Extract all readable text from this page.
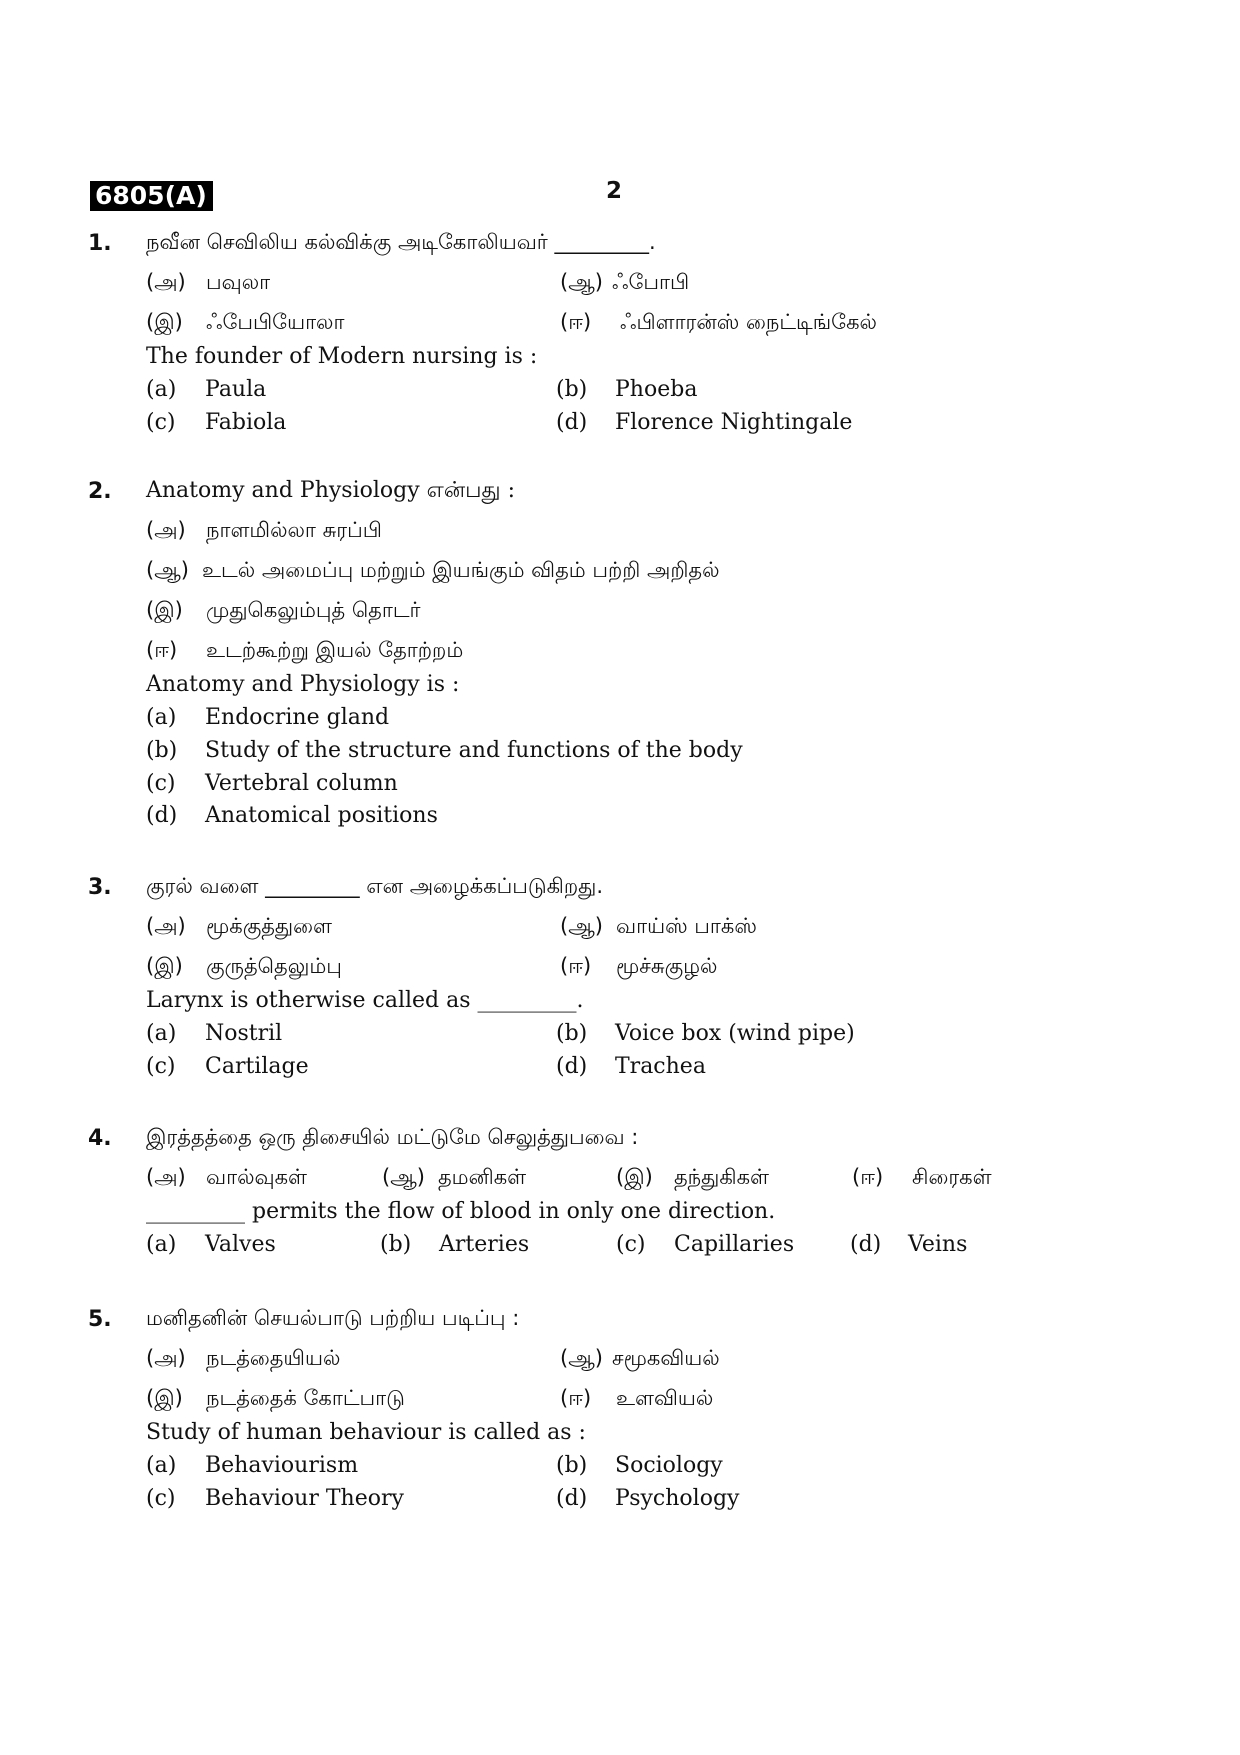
6805(A)	2
1. நவீன செவிலிய கல்விக்கு அடிகோலியவர் _________.
(அ) பவுலா	(ஆ) ஃபோபி
(இ) ஃபேபியோலா	(ஈ) ஃபிளாரன்ஸ் நைட்டிங்கேல்
The founder of Modern nursing is :
(a) Paula	(b) Phoeba
(c) Fabiola	(d) Florence Nightingale
2. Anatomy and Physiology என்பது :
(அ) நாளமில்லா சுரப்பி
(ஆ) உடல் அமைப்பு மற்றும் இயங்கும் விதம் பற்றி அறிதல்
(இ) முதுகெலும்புத் தொடர்
(ஈ) உடற்கூற்று இயல் தோற்றம்
Anatomy and Physiology is :
(a) Endocrine gland
(b) Study of the structure and functions of the body
(c) Vertebral column
(d) Anatomical positions
3. குரல் வளை _________ என அழைக்கப்படுகிறது.
(அ) மூக்குத்துளை	(ஆ) வாய்ஸ் பாக்ஸ்
(இ) குருத்தெலும்பு	(ஈ) மூச்சுகுழல்
Larynx is otherwise called as _________.
(a) Nostril	(b) Voice box (wind pipe)
(c) Cartilage	(d) Trachea
4. இரத்தத்தை ஒரு திசையில் மட்டுமே செலுத்துபவை :
(அ) வால்வுகள்	(ஆ) தமனிகள்	(இ) தந்துகிகள்	(ஈ) சிரைகள்
_________ permits the flow of blood in only one direction.
(a) Valves	(b) Arteries	(c) Capillaries	(d) Veins
5. மனிதனின் செயல்பாடு பற்றிய படிப்பு :
(அ) நடத்தையியல்	(ஆ) சமூகவியல்
(இ) நடத்தைக் கோட்பாடு	(ஈ) உளவியல்
Study of human behaviour is called as :
(a) Behaviourism	(b) Sociology
(c) Behaviour Theory	(d) Psychology
